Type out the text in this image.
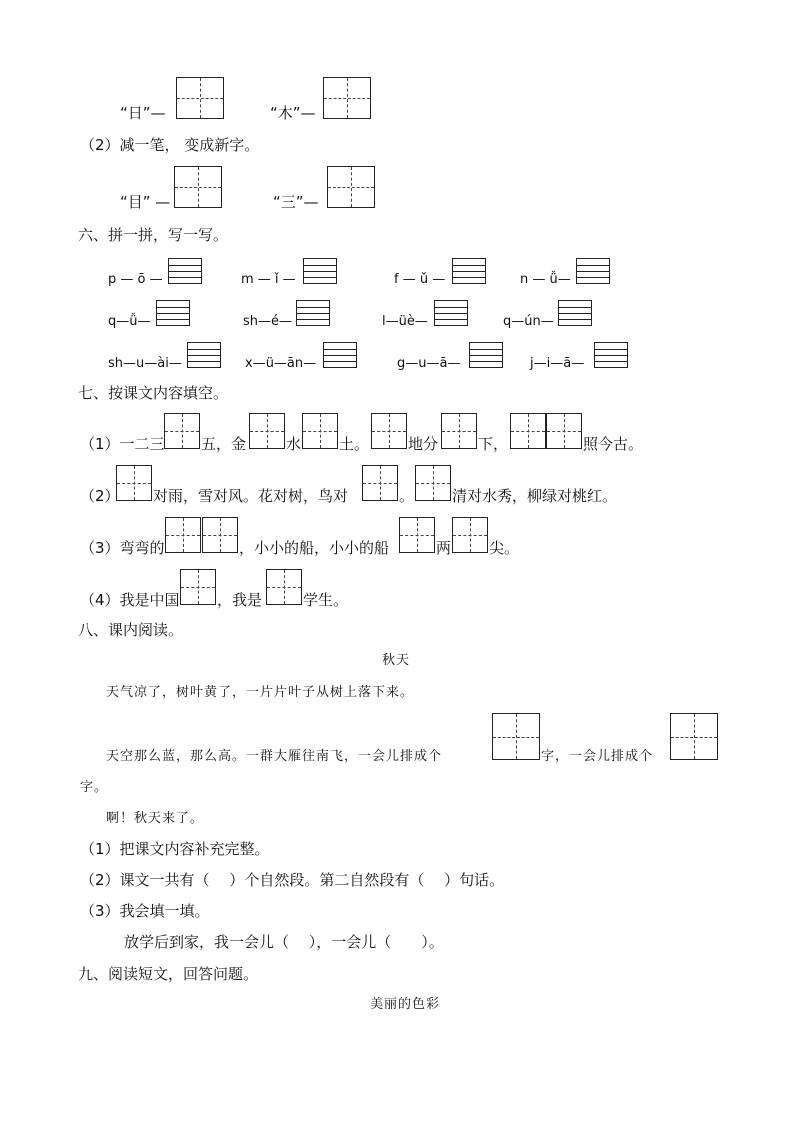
“日”—	“木”—
（2）减一笔， 变成新字。
“目” —	“三”—
六、拼一拼，写一写。
p — ō —	m — ǐ —	f — ǔ —	n — ǚ—
q—ǚ—	sh—é—	l—üè—	q—ún—
sh—u—ài—	x—ü—ān—	g—u—ā—	j—i—ā—
七、按课文内容填空。
（1）一二三 五，金	水	土。	地分	下，	照今古。
（2） 对雨，雪对风。花对树，鸟对	。	清对水秀，柳绿对桃红。
（3）弯弯的	，小小的船，小小的船	两	尖。
（4）我是中国 ，我是	学生。
八、课内阅读。
秋天
天气凉了，树叶黄了，一片片叶子从树上落下来。
天空那么蓝，那么高。一群大雁往南飞，一会儿排成个	字，一会儿排成个
字。
啊！秋天来了。
（1）把课文内容补充完整。
（2）课文一共有（　 ）个自然段。第二自然段有（　 ）句话。
（3）我会填一填。
放学后到家，我一会儿（　 ），一会儿（　　）。
九、阅读短文，回答问题。
美丽的色彩
